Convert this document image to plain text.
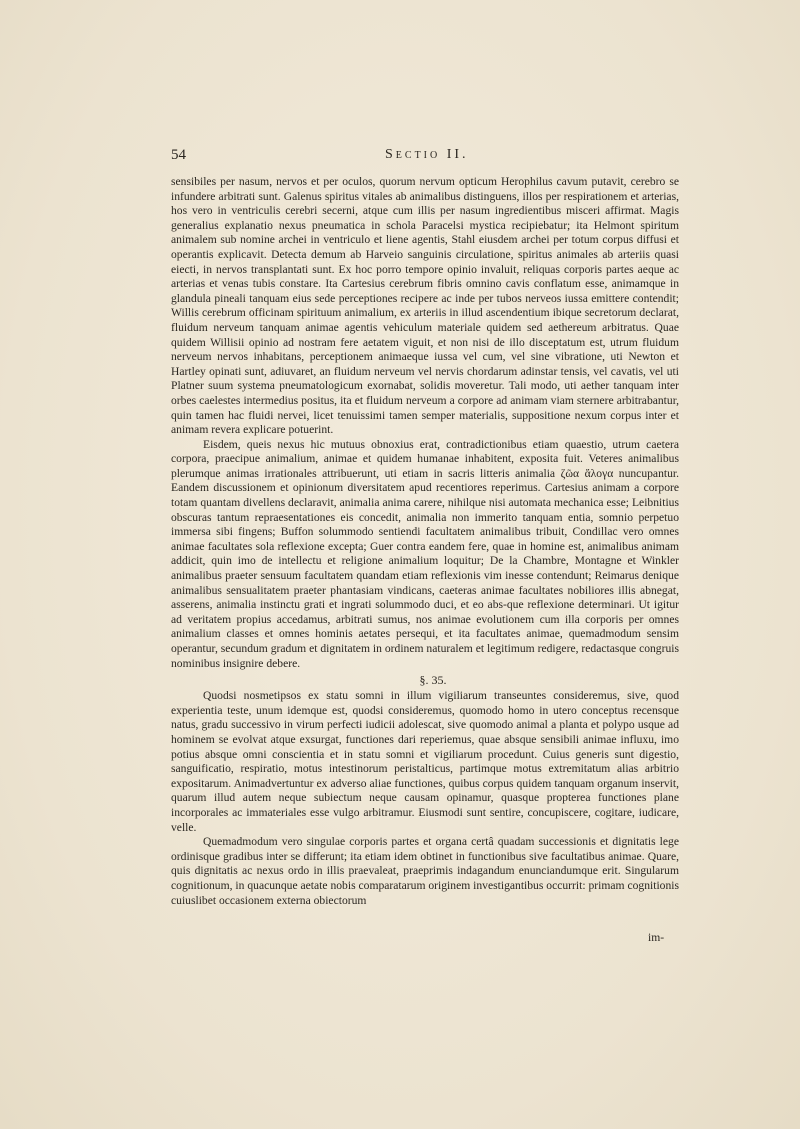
54	Sectio II.

sensibiles per nasum, nervos et per oculos, quorum nervum opticum Herophilus cavum putavit, cerebro se infundere arbitrati sunt. Galenus spiritus vitales ab animalibus distinguens, illos per respirationem et arterias, hos vero in ventriculis cerebri secerni, atque cum illis per nasum ingredientibus misceri affirmat. Magis generalius explanatio nexus pneumatica in schola Paracelsi mystica recipiebatur; ita Helmont spiritum animalem sub nomine archei in ventriculo et liene agentis, Stahl eiusdem archei per totum corpus diffusi et operantis explicavit. Detecta demum ab Harveio sanguinis circulatione, spiritus animales ab arteriis quasi eiecti, in nervos transplantati sunt. Ex hoc porro tempore opinio invaluit, reliquas corporis partes aeque ac arterias et venas tubis constare. Ita Cartesius cerebrum fibris omnino cavis conflatum esse, animamque in glandula pineali tanquam eius sede perceptiones recipere ac inde per tubos nerveos iussa emittere contendit; Willis cerebrum officinam spirituum animalium, ex arteriis in illud ascendentium ibique secretorum declarat, fluidum nerveum tanquam animae agentis vehiculum materiale quidem sed aethereum arbitratus. Quae quidem Willisii opinio ad nostram fere aetatem viguit, et non nisi de illo disceptatum est, utrum fluidum nerveum nervos inhabitans, perceptionem animaeque iussa vel cum, vel sine vibratione, uti Newton et Hartley opinati sunt, adiuvaret, an fluidum nerveum vel nervis chordarum adinstar tensis, vel cavatis, vel uti Platner suum systema pneumatologicum exornabat, solidis moveretur. Tali modo, uti aether tanquam inter orbes caelestes intermedius positus, ita et fluidum nerveum a corpore ad animam viam sternere arbitrabantur, quin tamen hac fluidi nervei, licet tenuissimi tamen semper materialis, suppositione nexum corpus inter et animam revera explicare potuerint.

Eisdem, queis nexus hic mutuus obnoxius erat, contradictionibus etiam quaestio, utrum caetera corpora, praecipue animalium, animae et quidem humanae inhabitent, exposita fuit. Veteres animalibus plerumque animas irrationales attribuerunt, uti etiam in sacris litteris animalia ζῶα ἄλογα nuncupantur. Eandem discussionem et opinionum diversitatem apud recentiores reperimus. Cartesius animam a corpore totam quantam divellens declaravit, animalia anima carere, nihilque nisi automata mechanica esse; Leibnitius obscuras tantum repraesentationes eis concedit, animalia non immerito tanquam entia, somnio perpetuo immersa sibi fingens; Buffon solummodo sentiendi facultatem animalibus tribuit, Condillac vero omnes animae facultates sola reflexione excepta; Guer contra eandem fere, quae in homine est, animalibus animam addicit, quin imo de intellectu et religione animalium loquitur; De la Chambre, Montagne et Winkler animalibus praeter sensuum facultatem quandam etiam reflexionis vim inesse contendunt; Reimarus denique animalibus sensualitatem praeter phantasiam vindicans, caeteras animae facultates nobiliores illis abnegat, asserens, animalia instinctu grati et ingrati solummodo duci, et eo abs-que reflexione determinari. Ut igitur ad veritatem propius accedamus, arbitrati sumus, nos animae evolutionem cum illa corporis per omnes animalium classes et omnes hominis aetates persequi, et ita facultates animae, quemadmodum sensim operantur, secundum gradum et dignitatem in ordinem naturalem et legitimum redigere, redactasque congruis nominibus insignire debere.

§. 35.

Quodsi nosmetipsos ex statu somni in illum vigiliarum transeuntes consideremus, sive, quod experientia teste, unum idemque est, quodsi consideremus, quomodo homo in utero conceptus recensque natus, gradu successivo in virum perfecti iudicii adolescat, sive quomodo animal a planta et polypo usque ad hominem se evolvat atque exsurgat, functiones dari reperiemus, quae absque sensibili animae influxu, imo potius absque omni conscientia et in statu somni et vigiliarum procedunt. Cuius generis sunt digestio, sanguificatio, respiratio, motus intestinorum peristalticus, partimque motus extremitatum alias arbitrio expositarum. Animadvertuntur ex adverso aliae functiones, quibus corpus quidem tanquam organum inservit, quarum illud autem neque subiectum neque causam opinamur, quasque propterea functiones plane incorporales ac immateriales esse vulgo arbitramur. Eiusmodi sunt sentire, concupiscere, cogitare, iudicare, velle.

Quemadmodum vero singulae corporis partes et organa certâ quadam successionis et dignitatis lege ordinisque gradibus inter se differunt; ita etiam idem obtinet in functionibus sive facultatibus animae. Quare, quis dignitatis ac nexus ordo in illis praevaleat, praeprimis indagandum enunciandumque erit. Singularum cognitionum, in quacunque aetate nobis comparatarum originem investigantibus occurrit: primam cognitionis cuiuslibet occasionem externa obiectorum

im-
